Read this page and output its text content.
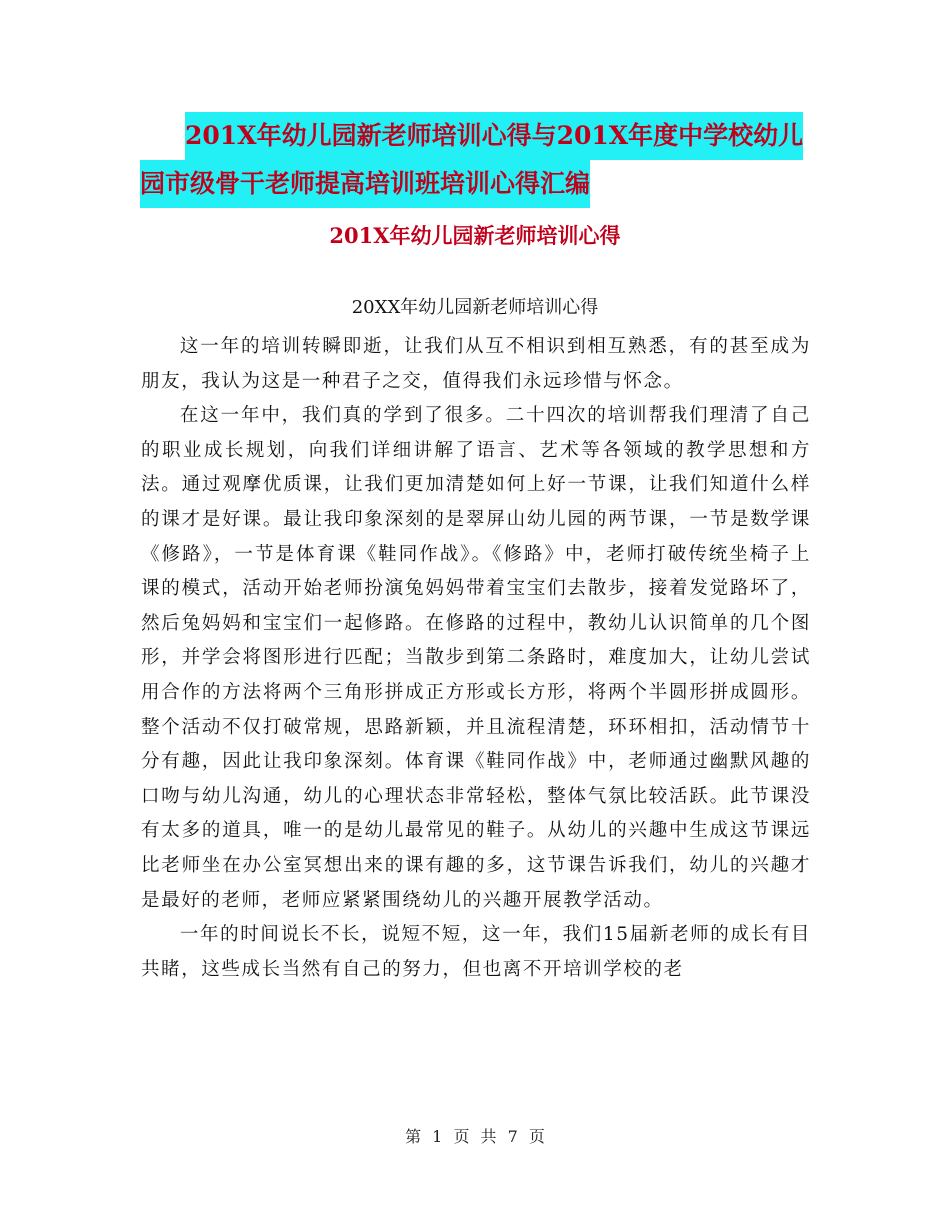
201X年幼儿园新老师培训心得与201X年度中学校幼儿
园市级骨干老师提高培训班培训心得汇编
201X年幼儿园新老师培训心得
20XX年幼儿园新老师培训心得

这一年的培训转瞬即逝，让我们从互不相识到相互熟悉，有的甚至成为朋友，我认为这是一种君子之交，值得我们永远珍惜与怀念。

在这一年中，我们真的学到了很多。二十四次的培训帮我们理清了自己的职业成长规划，向我们详细讲解了语言、艺术等各领域的教学思想和方法。通过观摩优质课，让我们更加清楚如何上好一节课，让我们知道什么样的课才是好课。最让我印象深刻的是翠屏山幼儿园的两节课，一节是数学课《修路》，一节是体育课《鞋同作战》。《修路》中，老师打破传统坐椅子上课的模式，活动开始老师扮演兔妈妈带着宝宝们去散步，接着发觉路坏了，然后兔妈妈和宝宝们一起修路。在修路的过程中，教幼儿认识简单的几个图形，并学会将图形进行匹配；当散步到第二条路时，难度加大，让幼儿尝试用合作的方法将两个三角形拼成正方形或长方形，将两个半圆形拼成圆形。整个活动不仅打破常规，思路新颖，并且流程清楚，环环相扣，活动情节十分有趣，因此让我印象深刻。体育课《鞋同作战》中，老师通过幽默风趣的口吻与幼儿沟通，幼儿的心理状态非常轻松，整体气氛比较活跃。此节课没有太多的道具，唯一的是幼儿最常见的鞋子。从幼儿的兴趣中生成这节课远比老师坐在办公室冥想出来的课有趣的多，这节课告诉我们，幼儿的兴趣才是最好的老师，老师应紧紧围绕幼儿的兴趣开展教学活动。

一年的时间说长不长，说短不短，这一年，我们15届新老师的成长有目共睹，这些成长当然有自己的努力，但也离不开培训学校的老

第 1 页 共 7 页
